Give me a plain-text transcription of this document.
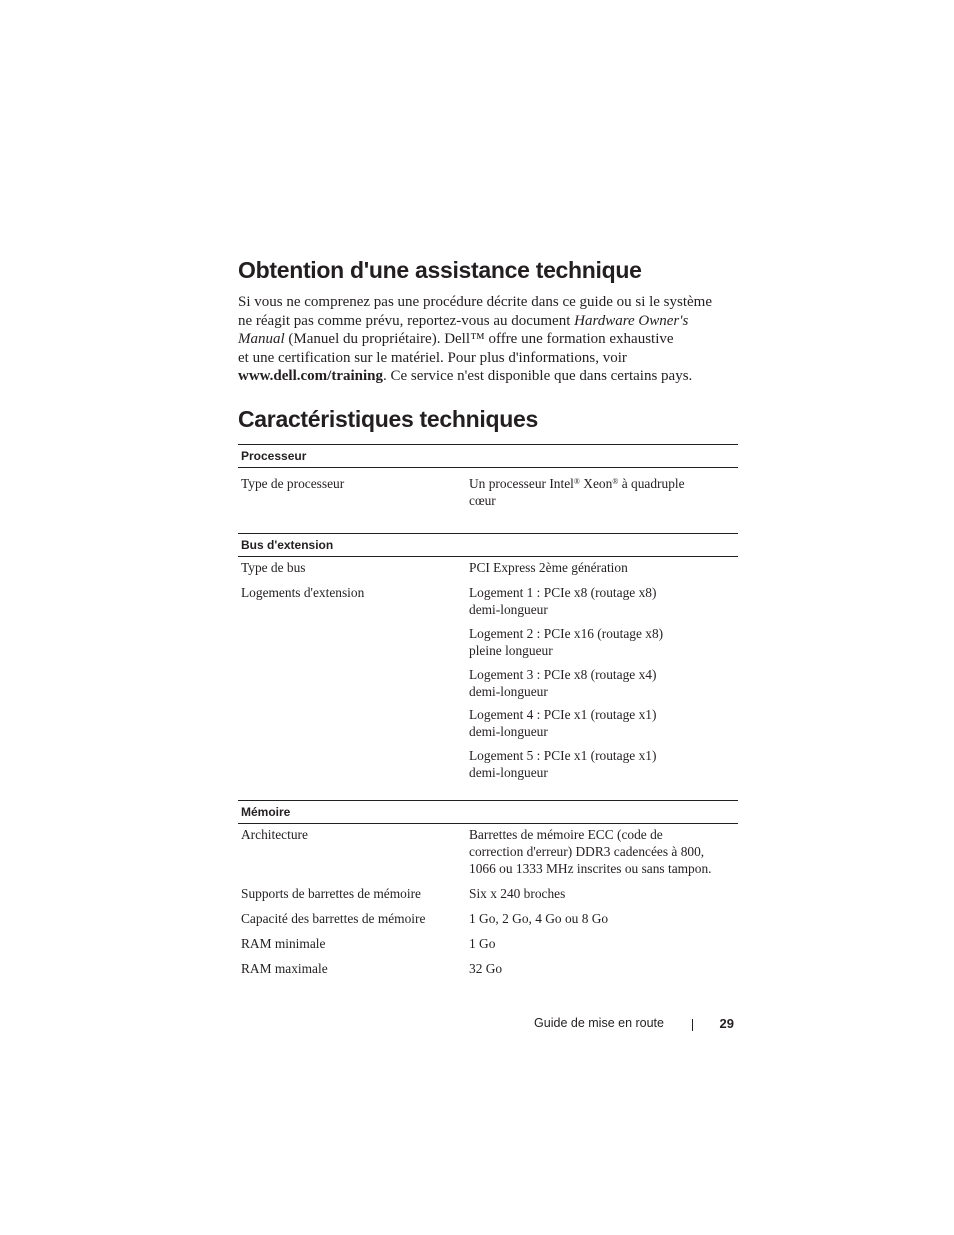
Obtention d'une assistance technique
Si vous ne comprenez pas une procédure décrite dans ce guide ou si le système
ne réagit pas comme prévu, reportez-vous au document Hardware Owner's
Manual (Manuel du propriétaire). Dell™ offre une formation exhaustive
et une certification sur le matériel. Pour plus d'informations, voir
www.dell.com/training. Ce service n'est disponible que dans certains pays.
Caractéristiques techniques
Processeur
Type de processeur	Un processeur Intel® Xeon® à quadruple
cœur
Bus d'extension
Type de bus	PCI Express 2ème génération
Logements d'extension	Logement 1 : PCIe x8 (routage x8)
demi-longueur
Logement 2 : PCIe x16 (routage x8)
pleine longueur
Logement 3 : PCIe x8 (routage x4)
demi-longueur
Logement 4 : PCIe x1 (routage x1)
demi-longueur
Logement 5 : PCIe x1 (routage x1)
demi-longueur
Mémoire
Architecture	Barrettes de mémoire ECC (code de
correction d'erreur) DDR3 cadencées à 800,
1066 ou 1333 MHz inscrites ou sans tampon.
Supports de barrettes de mémoire	Six x 240 broches
Capacité des barrettes de mémoire	1 Go, 2 Go, 4 Go ou 8 Go
RAM minimale	1 Go
RAM maximale	32 Go
Guide de mise en route	29
